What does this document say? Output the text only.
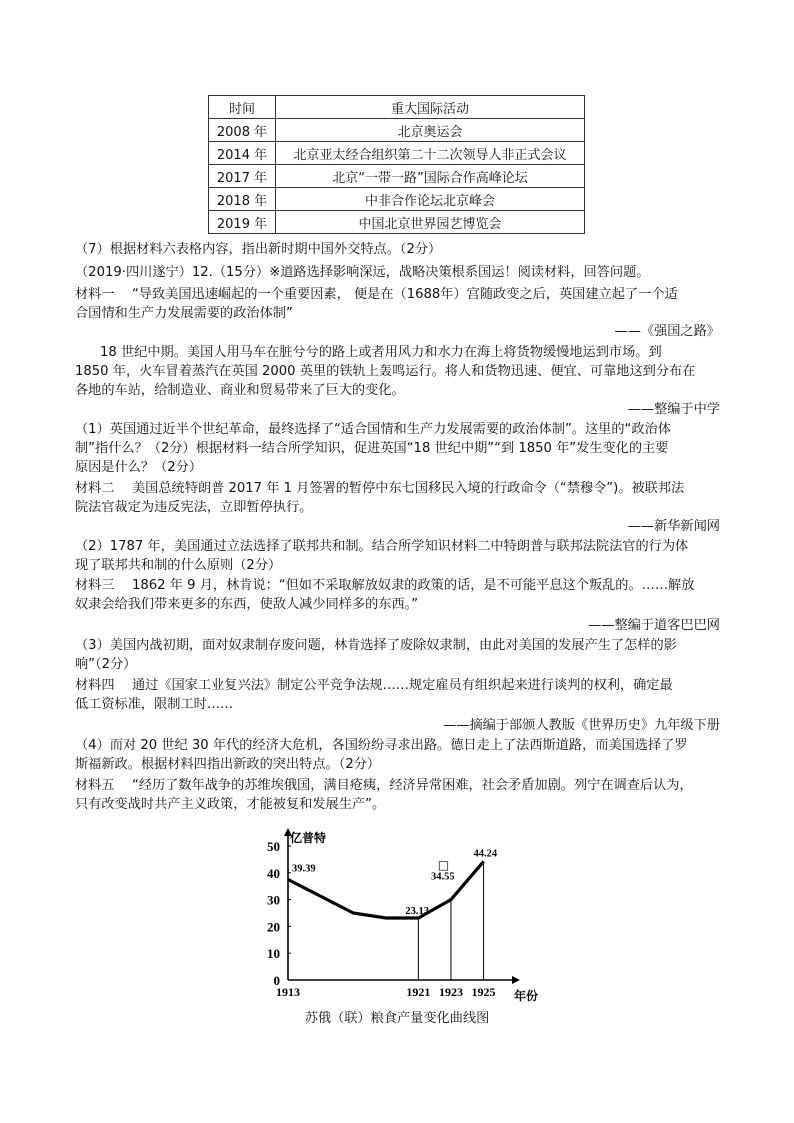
时间	重大国际活动
2008 年	北京奥运会
2014 年	北京亚太经合组织第二十二次领导人非正式会议
2017 年	北京“一带一路”国际合作高峰论坛
2018 年	中非合作论坛北京峰会
2019 年	中国北京世界园艺博览会
（7）根据材料六表格内容，指出新时期中国外交特点。（2分）
（2019·四川遂宁）12.（15分）※道路选择影响深远，战略决策根系国运！阅读材料，回答问题。
材料一　 “导致美国迅速崛起的一个重要因素， 便是在（1688年）宫随政变之后，英国建立起了一个适
合国情和生产力发展需要的政治体制”
——《强国之路》
18 世纪中期。美国人用马车在脏兮兮的路上或者用风力和水力在海上将货物缓慢地运到市场。到
1850 年，火车冒着蒸汽在英国 2000 英里的铁轨上轰鸣运行。将人和货物迅速、便宜、可靠地这到分布在
各地的车站，给制造业、商业和贸易带来了巨大的变化。
——整编于中学
（1）英国通过近半个世纪革命，最终选择了“适合国情和生产力发展需要的政治体制”。这里的“政治体
制”指什么？（2分）根据材料一结合所学知识，促进英国“18 世纪中期”“到 1850 年”发生变化的主要
原因是什么？（2分）
材料二　 美国总统特朗普 2017 年 1 月签署的暂停中东七国移民入境的行政命令（“禁穆令”)。被联邦法
院法官裁定为违反宪法，立即暂停执行。
——新华新闻网
（2）1787 年，美国通过立法选择了联邦共和制。结合所学知识材料二中特朗普与联邦法院法官的行为体
现了联邦共和制的什么原则（2分）
材料三　 1862 年 9 月，林肯说：“但如不采取解放奴隶的政策的话，是不可能平息这个叛乱的。……解放
奴隶会给我们带来更多的东西，使敌人减少同样多的东西。”
——整编于道客巴巴网
（3）美国内战初期，面对奴隶制存废问题，林肯选择了废除奴隶制，由此对美国的发展产生了怎样的影
响”（2分）
材料四　 通过《国家工业复兴法》制定公平竞争法规……规定雇员有组织起来进行谈判的权利，确定最
低工资标准，限制工时……
——摘编于部颁人教版《世界历史》九年级下册
（4）而对 20 世纪 30 年代的经济大危机，各国纷纷寻求出路。德日走上了法西斯道路，而美国选择了罗
斯福新政。根据材料四指出新政的突出特点。（2分）
材料五　 “经历了数年战争的苏维埃俄国，满目疮痍，经济异常困难，社会矛盾加剧。列宁在调查后认为，
只有改变战时共产主义政策，才能被复和发展生产”。
0
10
20
30
40
50
1913	1921 1923 1925
亿普特
年份
39.39
23.13
34.55
44.24
□
苏俄（联）粮食产量变化曲线图
